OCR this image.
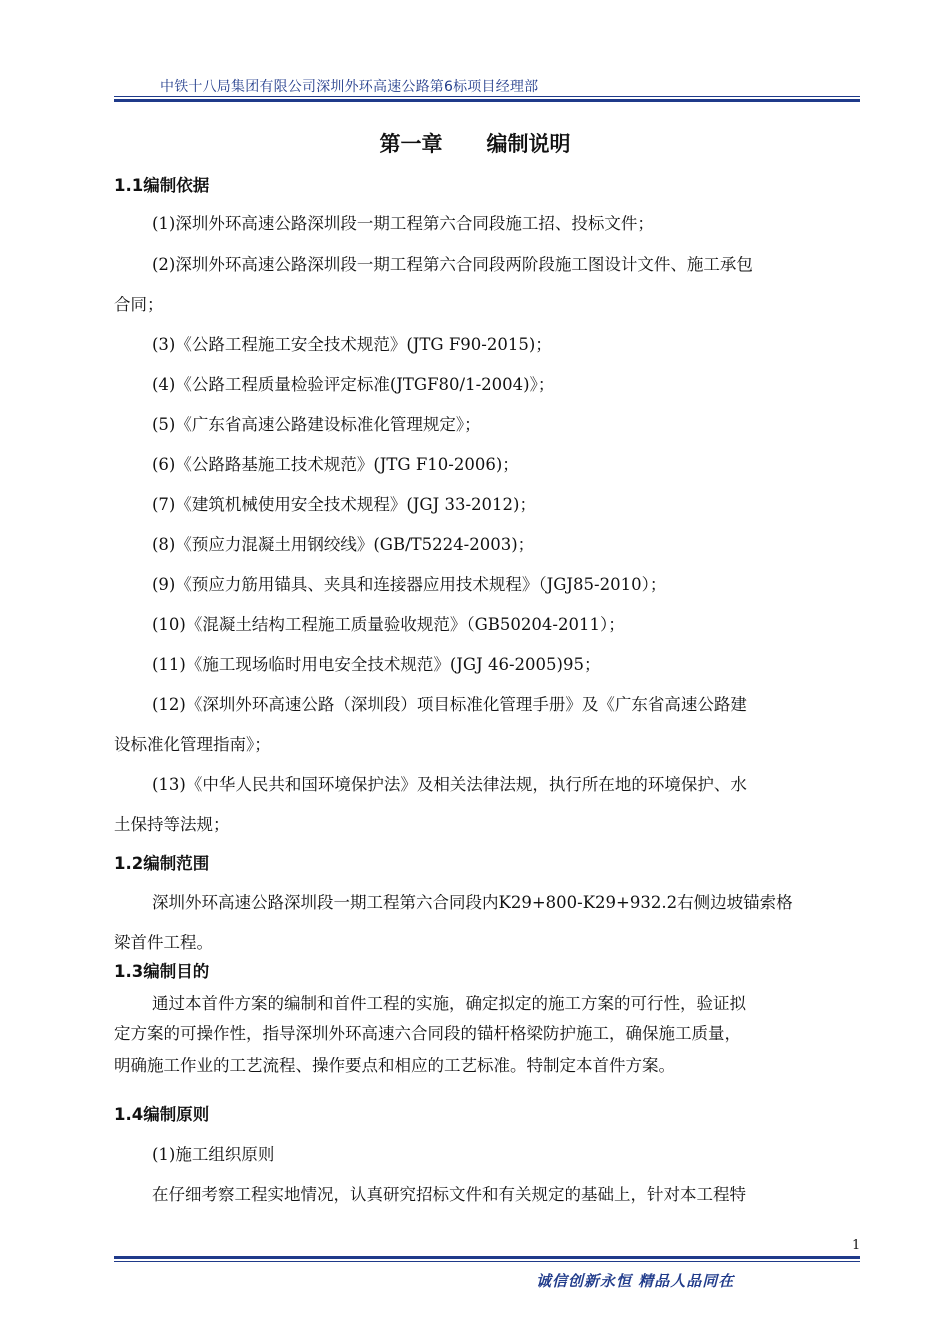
中铁十八局集团有限公司深圳外环高速公路第6标项目经理部
第一章 编制说明
1.1编制依据
(1)深圳外环高速公路深圳段一期工程第六合同段施工招、投标文件；
(2)深圳外环高速公路深圳段一期工程第六合同段两阶段施工图设计文件、施工承包
合同；
(3)《公路工程施工安全技术规范》(JTG F90-2015)；
(4)《公路工程质量检验评定标准(JTGF80/1-2004)》；
(5)《广东省高速公路建设标准化管理规定》；
(6)《公路路基施工技术规范》(JTG F10-2006)；
(7)《建筑机械使用安全技术规程》(JGJ 33-2012)；
(8)《预应力混凝土用钢绞线》(GB/T5224-2003)；
(9)《预应力筋用锚具、夹具和连接器应用技术规程》（JGJ85-2010）；
(10)《混凝土结构工程施工质量验收规范》（GB50204-2011）；
(11)《施工现场临时用电安全技术规范》(JGJ 46-2005)95；
(12)《深圳外环高速公路（深圳段）项目标准化管理手册》及《广东省高速公路建
设标准化管理指南》；
(13)《中华人民共和国环境保护法》及相关法律法规，执行所在地的环境保护、水
土保持等法规；
1.2编制范围
深圳外环高速公路深圳段一期工程第六合同段内K29+800-K29+932.2右侧边坡锚索格
梁首件工程。
1.3编制目的
通过本首件方案的编制和首件工程的实施，确定拟定的施工方案的可行性，验证拟
定方案的可操作性，指导深圳外环高速六合同段的锚杆格梁防护施工，确保施工质量，
明确施工作业的工艺流程、操作要点和相应的工艺标准。特制定本首件方案。
1.4编制原则
(1)施工组织原则
在仔细考察工程实地情况，认真研究招标文件和有关规定的基础上，针对本工程特
1
诚信创新永恒 精品人品同在
